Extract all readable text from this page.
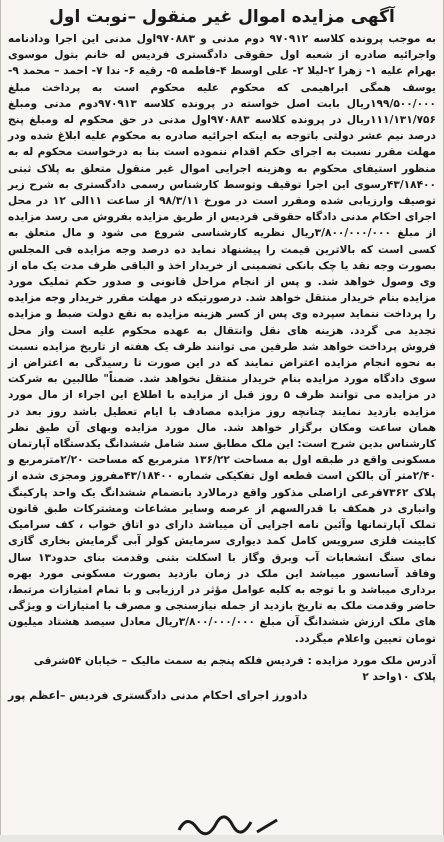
آگهی مزایده اموال غیر منقول –نوبت اول

به موجب پرونده کلاسه ۹۷۰۹۱۲ دوم مدنی و ۹۷۰۸۸۳اول مدنی این اجرا ودادنامه واجرائیه صادره از شعبه اول حقوقی دادگستری فردیس له خانم بتول موسوی بهرام علیه ۱- زهرا ۲-لیلا ۲- علی اوسط ۴-فاطمه ۵- رقیه ۶- ندا ۷- احمد – محمد ۹- یوسف همگی ابراهیمی که محکوم علیه محکوم است به پرداخت مبلغ ۱۹۹/۵۰۰/۰۰۰ریال بابت اصل خواسته در پرونده کلاسه ۹۷۰۹۱۳دوم مدنی ومبلغ ۱۱۱/۱۳۱/۷۵۶ریال در پرونده کلاسه ۹۷۰۸۸۳اول مدنی در حق محکوم له ومبلغ پنج درصد نیم عشر دولتی باتوجه به اینکه اجرائیه صادره به محکوم علیه ابلاغ شده ودر مهلت مقرر نسبت به اجرای حکم اقدام ننموده است بنا به درخواست محکوم له به منظور استیفای محکوم به وهزینه اجرایی اموال غیر منقول متعلق به پلاک ثبتی ۴۳/۱۸۴۰۰رسوی این اجرا توقیف وتوسط کارشناس رسمی دادگستری به شرح زیر توصیف وارزیابی شده ومقرر است در مورخ ۹۸/۳/۱۱ از ساعت ۱۱الی ۱۲ در محل اجرای احکام مدنی دادگاه حقوقی فردیس از طریق مزایده بفروش می رسد مزایده از مبلغ ۳/۸۰۰/۰۰۰/۰۰۰ریال نظریه کارشناسی شروع می شود و مال متعلق به کسی است که بالاترین قیمت را پیشنهاد نماید ده درصد وجه مزایده فی المجلس بصورت وجه نقد یا چک بانکی تضمینی از خریدار اخذ و الباقی ظرف مدت یک ماه از وی وصول خواهد شد. و پس از انجام مراحل قانونی و صدور حکم تملیک مورد مزایده بنام خریدار منتقل خواهد شد. درصورتیکه در مهلت مقرر خریدار وجه مزایده را پرداخت ننماید سپرده وی پس از کسر هزینه مزایده به نفع دولت ضبط و مزایده تجدید می گردد. هزینه های نقل وانتقال به عهده محکوم علیه است واز محل فروش پرداخت خواهد شد طرفین می توانند ظرف یک هفته از تاریخ مزایده نسبت به نحوه انجام مزایده اعتراض نمایند که در این صورت تا رسیدگی به اعتراض از سوی دادگاه مورد مزایده بنام خریدار منتقل نخواهد شد. ضمناً" طالبین به شرکت در مزایده می توانند ظرف ۵ روز قبل از مزایده با اطلاع این اجراء از مال مورد مزایده بازدید نمایند چنانچه روز مزایده مصادف با ایام تعطیل باشد روز بعد در همان ساعت ومکان برگزار خواهد شد. مال مورد مزایده وبهای آن طبق نظر کارشناس بدین شرح است: این ملک مطابق سند شامل ششدانگ یکدستگاه آپارتمان مسکونی واقع در طبقه اول به مساحت ۱۳۶/۲۲ مترمربع که مساحت ۲/۲۰مترمربع و ۲/۴۰متر آن بالکن است قطعه اول تفکیکی شماره ۴۳/۱۸۴۰۰مفروز ومجزی شده از پلاک ۷۳۶۲فرعی ازاصلی مذکور واقع درمالارد بانضمام ششدانگ یک واحد پارکینگ وانباری در همکف با قدرالسهم از عرصه وسایر مشاعات ومشترکات طبق قانون تملک آپارتمانها وآئین نامه اجرایی آن میباشد دارای دو اتاق خواب ، کف سرامیک کابینت فلزی سرویس کامل کمد دیواری سرمایش کولر آبی گرمایش بخاری گازی نمای سنگ انشعابات آب وبرق وگاز با اسکلت بتنی وقدمت بنای حدود۱۳ سال وفاقد آسانسور میباشد این ملک در زمان بازدید بصورت مسکونی مورد بهره برداری میباشد و با توجه به کلیه عوامل مؤثر در ارزیابی و با تمام امتیازات مرتبط، حاضر وقدمت ملک به تاریخ بازدید از جمله نیازسنجی و مصرف با امتیازات و ویژگی های ملک ارزش ششدانگ آن مبلغ ۳/۸۰۰/۰۰۰/۰۰۰ریال معادل سیصد هشتاد میلیون تومان تعیین واعلام میگردد.

آدرس ملک مورد مزایده : فردیس فلکه پنجم به سمت مالیک – خیابان ۵۴شرقی پلاک ۱۰واحد ۲

دادورز اجرای احکام مدنی دادگستری فردیس –اعظم پور
